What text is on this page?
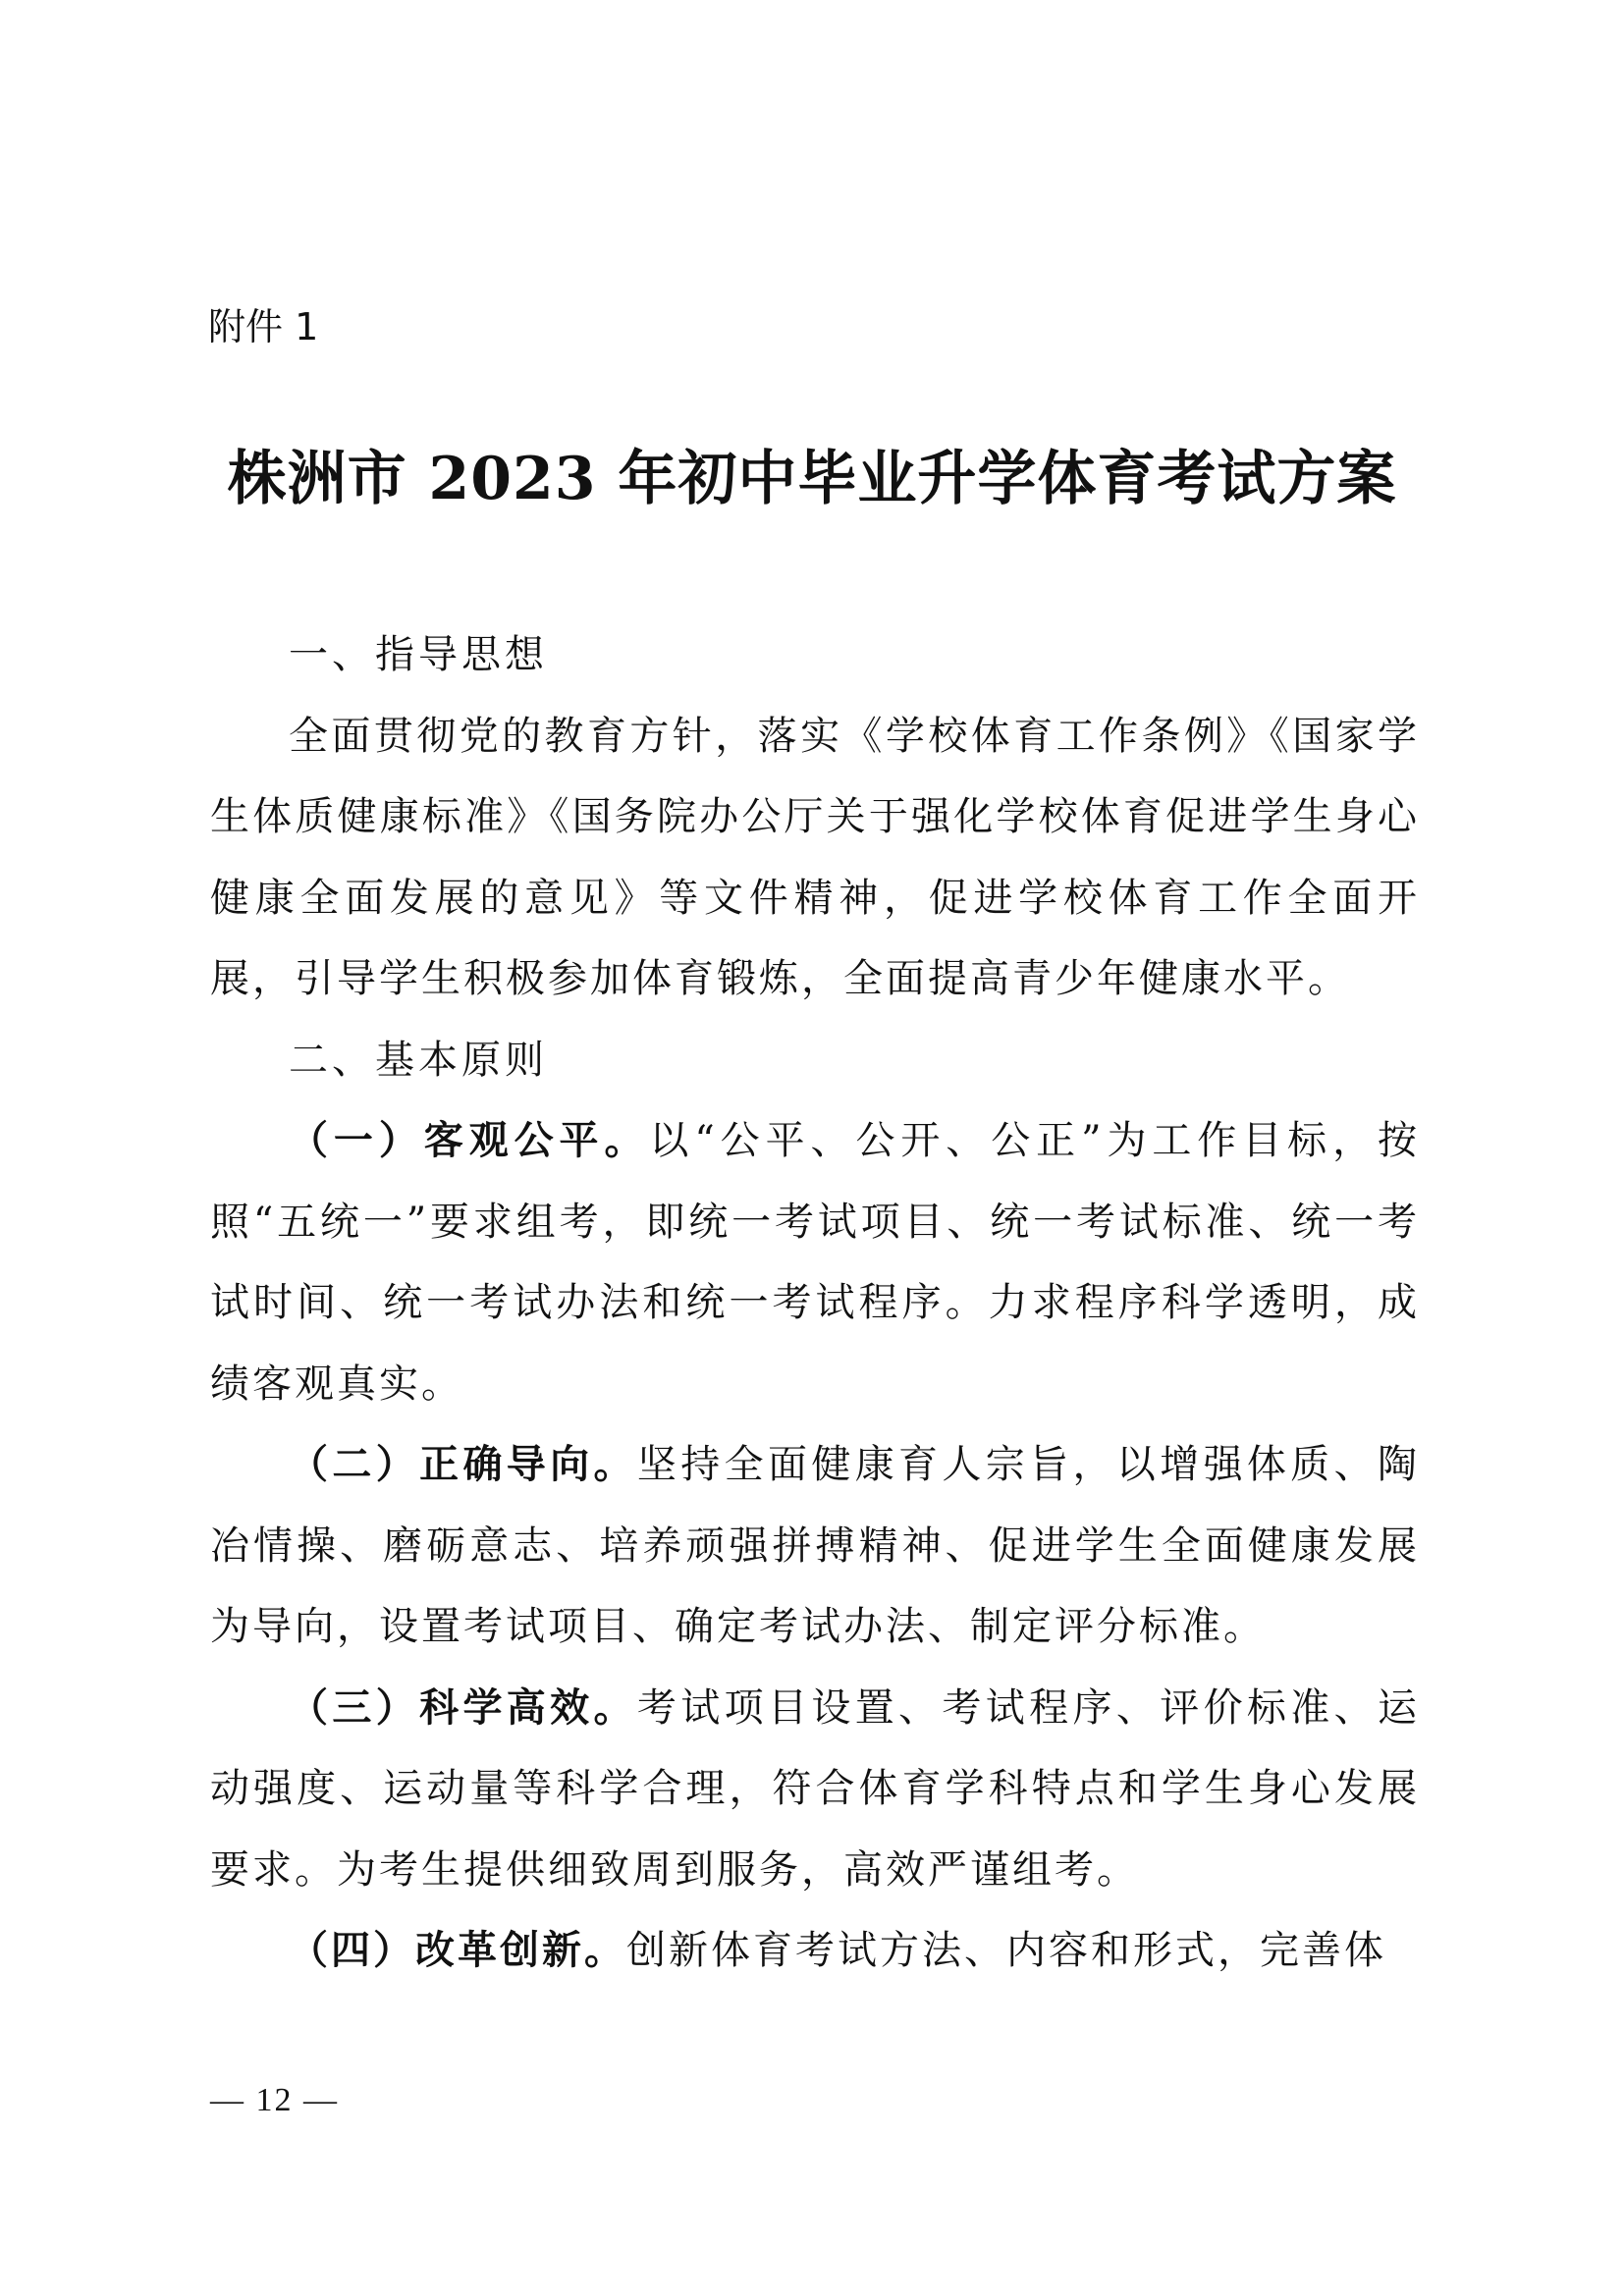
附件 1
株洲市 2023 年初中毕业升学体育考试方案

一、指导思想

全面贯彻党的教育方针，落实《学校体育工作条例》《国家学生体质健康标准》《国务院办公厅关于强化学校体育促进学生身心健康全面发展的意见》等文件精神，促进学校体育工作全面开展，引导学生积极参加体育锻炼，全面提高青少年健康水平。

二、基本原则

（一）客观公平。以“公平、公开、公正”为工作目标，按照“五统一”要求组考，即统一考试项目、统一考试标准、统一考试时间、统一考试办法和统一考试程序。力求程序科学透明，成绩客观真实。

（二）正确导向。坚持全面健康育人宗旨，以增强体质、陶冶情操、磨砺意志、培养顽强拼搏精神、促进学生全面健康发展为导向，设置考试项目、确定考试办法、制定评分标准。

（三）科学高效。考试项目设置、考试程序、评价标准、运动强度、运动量等科学合理，符合体育学科特点和学生身心发展要求。为考生提供细致周到服务，高效严谨组考。

（四）改革创新。创新体育考试方法、内容和形式，完善体

— 12 —
